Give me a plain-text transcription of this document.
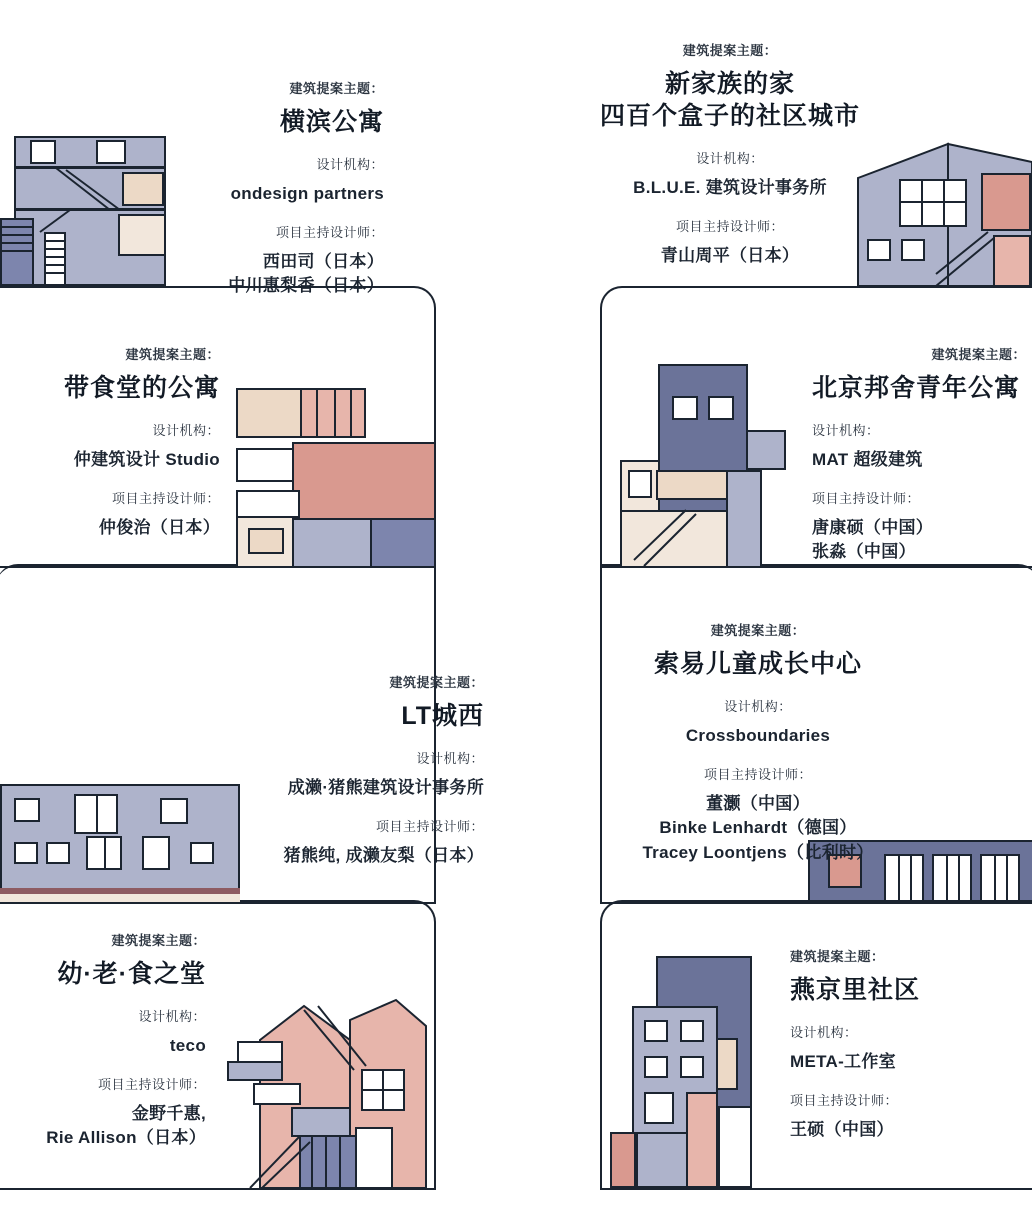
建筑提案主题：
横滨公寓
设计机构：
ondesign partners
项目主持设计师：
西田司（日本）
中川惠梨香（日本）
建筑提案主题：
新家族的家
四百个盒子的社区城市
设计机构：
B.L.U.E. 建筑设计事务所
项目主持设计师：
青山周平（日本）
建筑提案主题：
带食堂的公寓
设计机构：
仲建筑设计 Studio
项目主持设计师：
仲俊治（日本）
建筑提案主题：
北京邦舍青年公寓
设计机构：
MAT 超级建筑
项目主持设计师：
唐康硕（中国）
张淼（中国）
建筑提案主题：
LT城西
设计机构：
成濑·猪熊建筑设计事务所
项目主持设计师：
猪熊纯, 成濑友梨（日本）
建筑提案主题：
索易儿童成长中心
设计机构：
Crossboundaries
项目主持设计师：
董灏（中国）
Binke Lenhardt（德国）
Tracey Loontjens（比利时）
建筑提案主题：
幼·老·食之堂
设计机构：
teco
项目主持设计师：
金野千惠,
Rie Allison（日本）
建筑提案主题：
燕京里社区
设计机构：
META-工作室
项目主持设计师：
王硕（中国）
